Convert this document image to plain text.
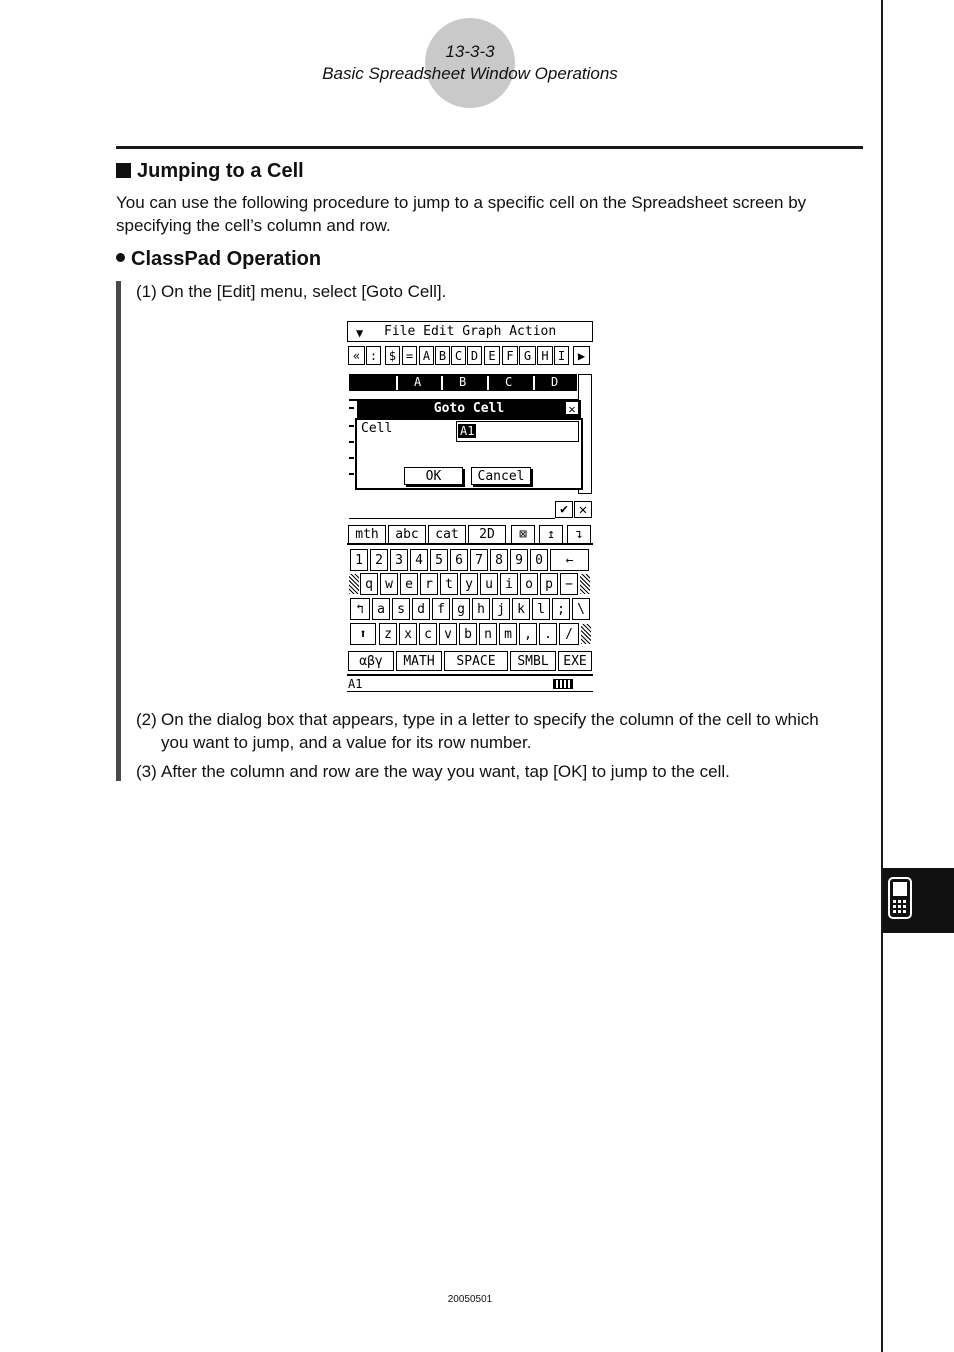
13-3-3
Basic Spreadsheet Window Operations
Jumping to a Cell
You can use the following procedure to jump to a specific cell on the Spreadsheet screen by specifying the cell’s column and row.
ClassPad Operation
(1) On the [Edit] menu, select [Goto Cell].
(2) On the dialog box that appears, type in a letter to specify the column of the cell to which you want to jump, and a value for its row number.
(3) After the column and row are the way you want, tap [OK] to jump to the cell.
▼ File Edit Graph Action
« : $ = A B C D E F G H I	▶
A	B	C	D
Goto Cell	✕
Cell	A1
OK	Cancel
✔ ✕
mth	abc	cat	2D	⊠	↥	↴
1 2 3 4 5 6 7 8 9 0	←
q w e r t y u i o p −
↰	a s d f g h j k l ; \
⬆	z x c v b n m , .	/
αβγ	MATH	SPACE	SMBL	EXE
A1
20050501
